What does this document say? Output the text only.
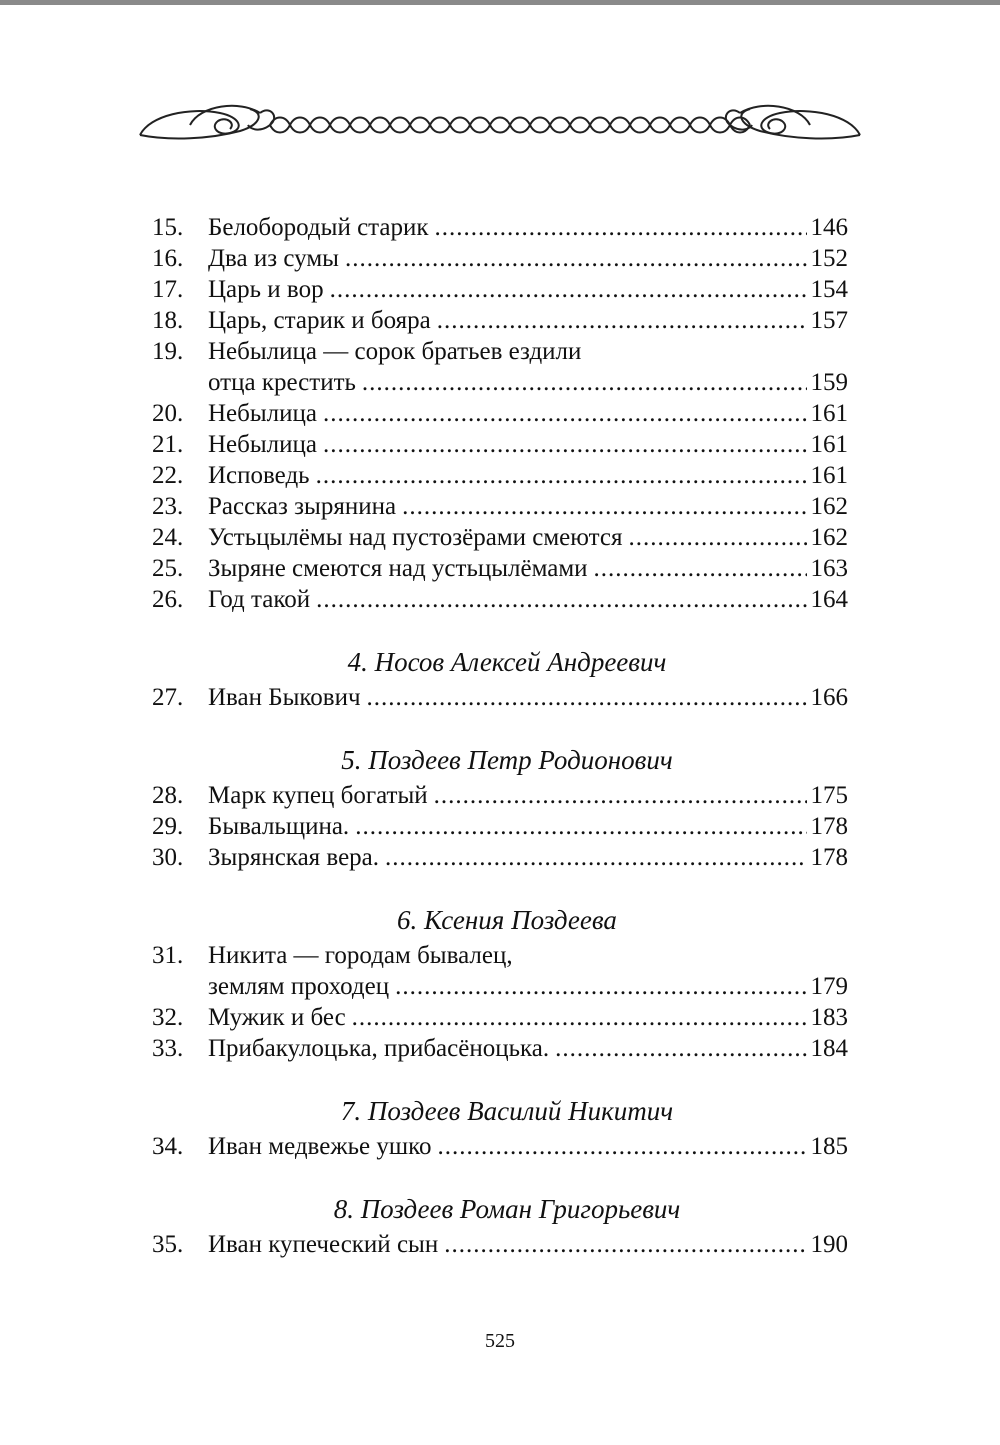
15. Белобородый старик .....	146
16. Два из сумы .....	152
17. Царь и вор .....	154
18. Царь, старик и бояра .....	157
19. Небылица — сорок братьев ездили
отца крестить .....	159
20. Небылица .....	161
21. Небылица .....	161
22. Исповедь .....	161
23. Рассказ зырянина .....	162
24. Устьцылёмы над пустозёрами смеются .....	162
25. Зыряне смеются над устьцылёмами .....	163
26. Год такой .....	164
4. Носов Алексей Андреевич
27. Иван Быкович .....	166
5. Поздеев Петр Родионович
28. Марк купец богатый .....	175
29. Бывальщина. .....	178
30. Зырянская вера. .....	178
6. Ксения Поздеева
31. Никита — городам бывалец,
землям проходец .....	179
32. Мужик и бес .....	183
33. Прибакулоцька, прибасёноцька. .....	184
7. Поздеев Василий Никитич
34. Иван медвежье ушко .....	185
8. Поздеев Роман Григорьевич
35. Иван купеческий сын .....	190
525
